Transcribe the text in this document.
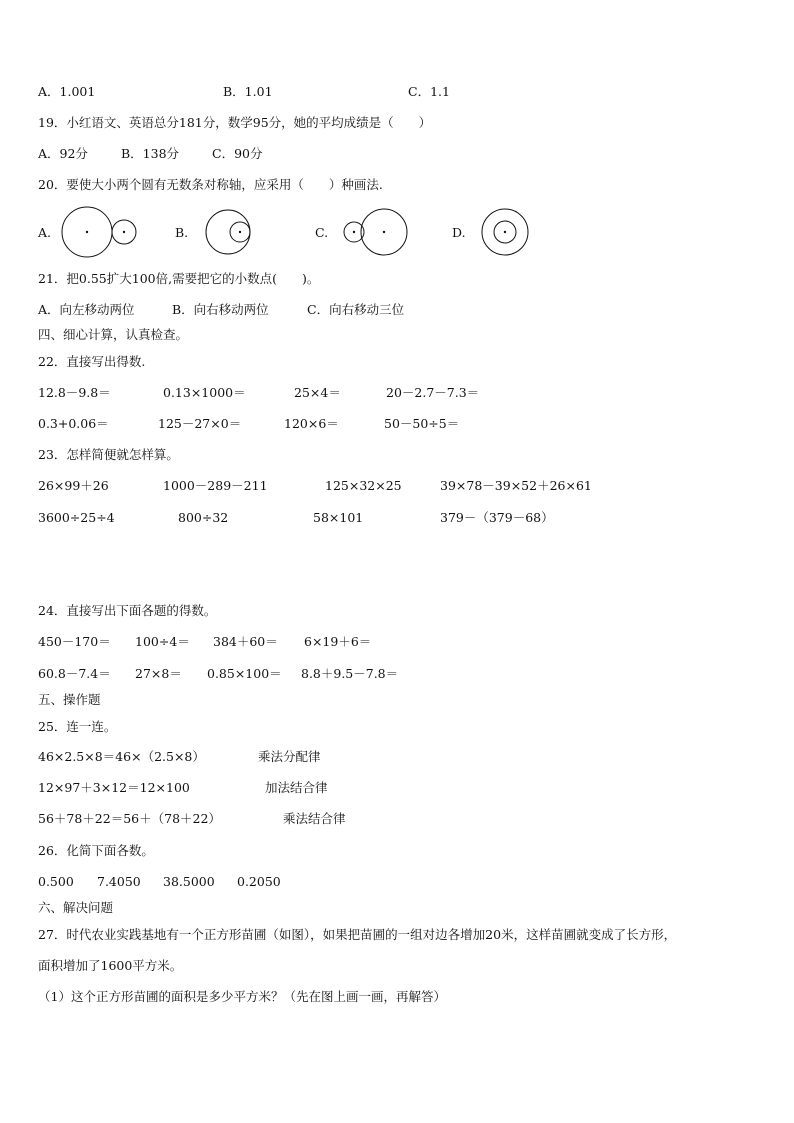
A．1.001	B．1.01	C．1.1
19．小红语文、英语总分181分，数学95分，她的平均成绩是（　　）
A．92分	B．138分	C．90分
20．要使大小两个圆有无数条对称轴，应采用（　　）种画法.
A.	B.	C.	D.
21．把0.55扩大100倍,需要把它的小数点(　　)。
A．向左移动两位	B．向右移动两位	C．向右移动三位
四、细心计算，认真检查。
22．直接写出得数.
12.8－9.8＝	0.13×1000＝	25×4＝	20－2.7－7.3＝
0.3+0.06＝	125－27×0＝	120×6＝	50－50÷5＝
23．怎样简便就怎样算。
26×99＋26	1000－289－211	125×32×25	39×78－39×52＋26×61
3600÷25÷4	800÷32	58×101	379－（379－68）
24．直接写出下面各题的得数。
450－170＝ 100÷4＝ 384＋60＝ 6×19＋6＝
60.8－7.4＝ 27×8＝ 0.85×100＝ 8.8＋9.5－7.8＝
五、操作题
25．连一连。
46×2.5×8＝46×（2.5×8）	乘法分配律
12×97＋3×12＝12×100	加法结合律
56＋78＋22＝56＋（78＋22）	乘法结合律
26．化简下面各数。
0.500 7.4050 38.5000 0.2050
六、解决问题
27．时代农业实践基地有一个正方形苗圃（如图），如果把苗圃的一组对边各增加20米，这样苗圃就变成了长方形，
面积增加了1600平方米。
（1）这个正方形苗圃的面积是多少平方米？（先在图上画一画，再解答）
